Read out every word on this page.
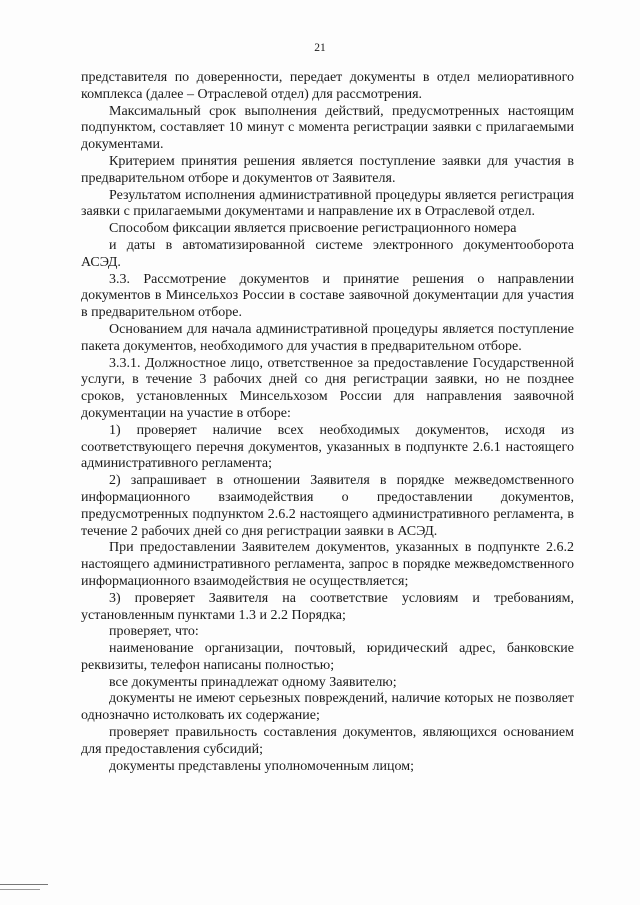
21

представителя по доверенности, передает документы в отдел мелиоративного комплекса (далее – Отраслевой отдел) для рассмотрения.

Максимальный срок выполнения действий, предусмотренных настоящим подпунктом, составляет 10 минут с момента регистрации заявки с прилагаемыми документами.

Критерием принятия решения является поступление заявки для участия в предварительном отборе и документов от Заявителя.

Результатом исполнения административной процедуры является регистрация заявки с прилагаемыми документами и направление их в Отраслевой отдел.

Способом фиксации является присвоение регистрационного номера

и даты в автоматизированной системе электронного документооборота АСЭД.

3.3. Рассмотрение документов и принятие решения о направлении документов в Минсельхоз России в составе заявочной документации для участия в предварительном отборе.

Основанием для начала административной процедуры является поступление пакета документов, необходимого для участия в предварительном отборе.

3.3.1. Должностное лицо, ответственное за предоставление Государственной услуги, в течение 3 рабочих дней со дня регистрации заявки, но не позднее сроков, установленных Минсельхозом России для направления заявочной документации на участие в отборе:

1) проверяет наличие всех необходимых документов, исходя из соответствующего перечня документов, указанных в подпункте 2.6.1 настоящего административного регламента;

2) запрашивает в отношении Заявителя в порядке межведомственного информационного взаимодействия о предоставлении документов, предусмотренных подпунктом 2.6.2 настоящего административного регламента, в течение 2 рабочих дней со дня регистрации заявки в АСЭД.

При предоставлении Заявителем документов, указанных в подпункте 2.6.2 настоящего административного регламента, запрос в порядке межведомственного информационного взаимодействия не осуществляется;

3) проверяет Заявителя на соответствие условиям и требованиям, установленным пунктами 1.3 и 2.2 Порядка;

проверяет, что:

наименование организации, почтовый, юридический адрес, банковские реквизиты, телефон написаны полностью;

все документы принадлежат одному Заявителю;

документы не имеют серьезных повреждений, наличие которых не позволяет однозначно истолковать их содержание;

проверяет правильность составления документов, являющихся основанием для предоставления субсидий;

документы представлены уполномоченным лицом;
